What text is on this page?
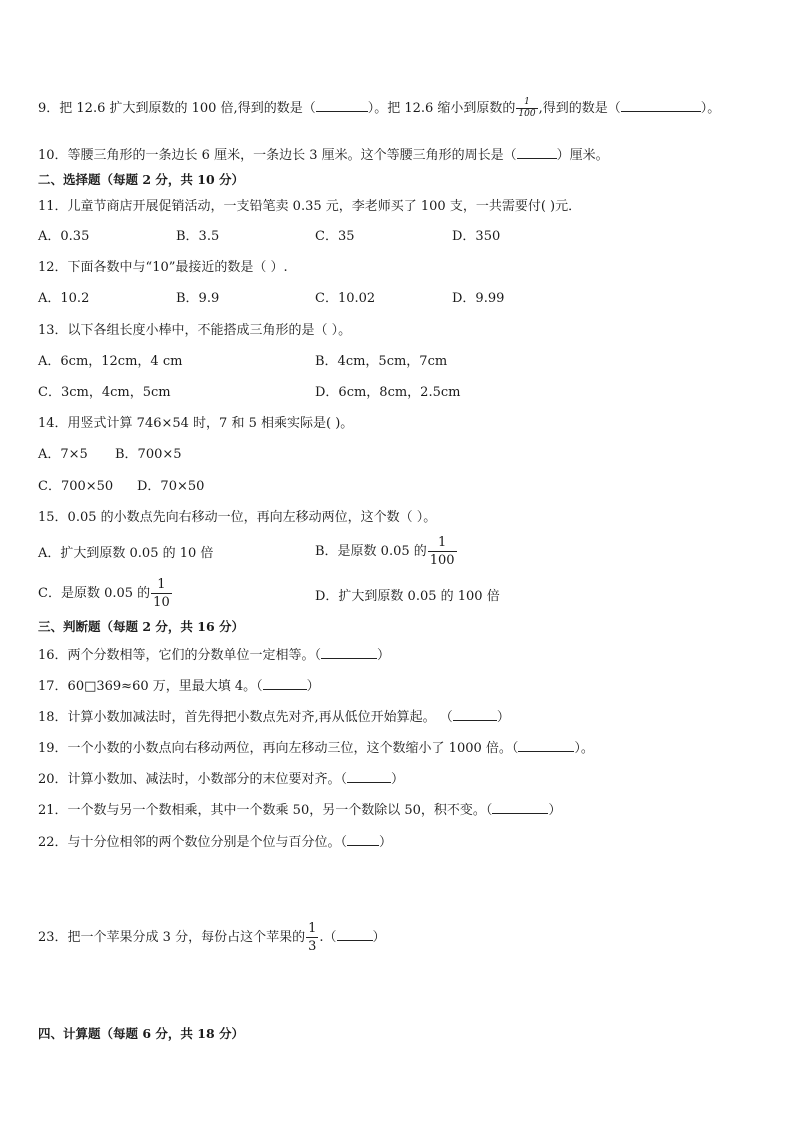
9．把 12.6 扩大到原数的 100 倍,得到的数是（	）。把 12.6 缩小到原数的 $\frac{1}{100}$ ,得到的数是（	）。
10．等腰三角形的一条边长 6 厘米，一条边长 3 厘米。这个等腰三角形的周长是（	）厘米。
二、选择题（每题 2 分，共 10 分）
11．儿童节商店开展促销活动，一支铅笔卖 0.35 元，李老师买了 100 支，一共需要付( )元．
A．0.35	B．3.5	C．35	D．350
12．下面各数中与“10”最接近的数是（ ）.
A．10.2	B．9.9	C．10.02	D．9.99
13．以下各组长度小棒中，不能搭成三角形的是（ ）。
A．6cm，12cm，4 cm	B．4cm，5cm，7cm
C．3cm，4cm，5cm	D．6cm，8cm，2.5cm
14．用竖式计算 746×54 时，7 和 5 相乘实际是( )。
A．7×5 B．700×5
C．700×50 D．70×50
15．0.05 的小数点先向右移动一位，再向左移动两位，这个数（ ）。
A．扩大到原数 0.05 的 10 倍	B．是原数 0.05 的 $\frac{1}{100}$
C．是原数 0.05 的 $\frac{1}{10}$	D．扩大到原数 0.05 的 100 倍
三、判断题（每题 2 分，共 16 分）
16．两个分数相等，它们的分数单位一定相等。（	）
17．60□369≈60 万，里最大填 4。（	）
18．计算小数加减法时，首先得把小数点先对齐,再从低位开始算起。 （	）
19．一个小数的小数点向右移动两位，再向左移动三位，这个数缩小了 1000 倍。（	）。
20．计算小数加、减法时，小数部分的末位要对齐。（	）
21．一个数与另一个数相乘，其中一个数乘 50，另一个数除以 50，积不变。（	）
22．与十分位相邻的两个数位分别是个位与百分位。（ ）
23．把一个苹果分成 3 分，每份占这个苹果的 $\frac{1}{3}$ .（	）
四、计算题（每题 6 分，共 18 分）
